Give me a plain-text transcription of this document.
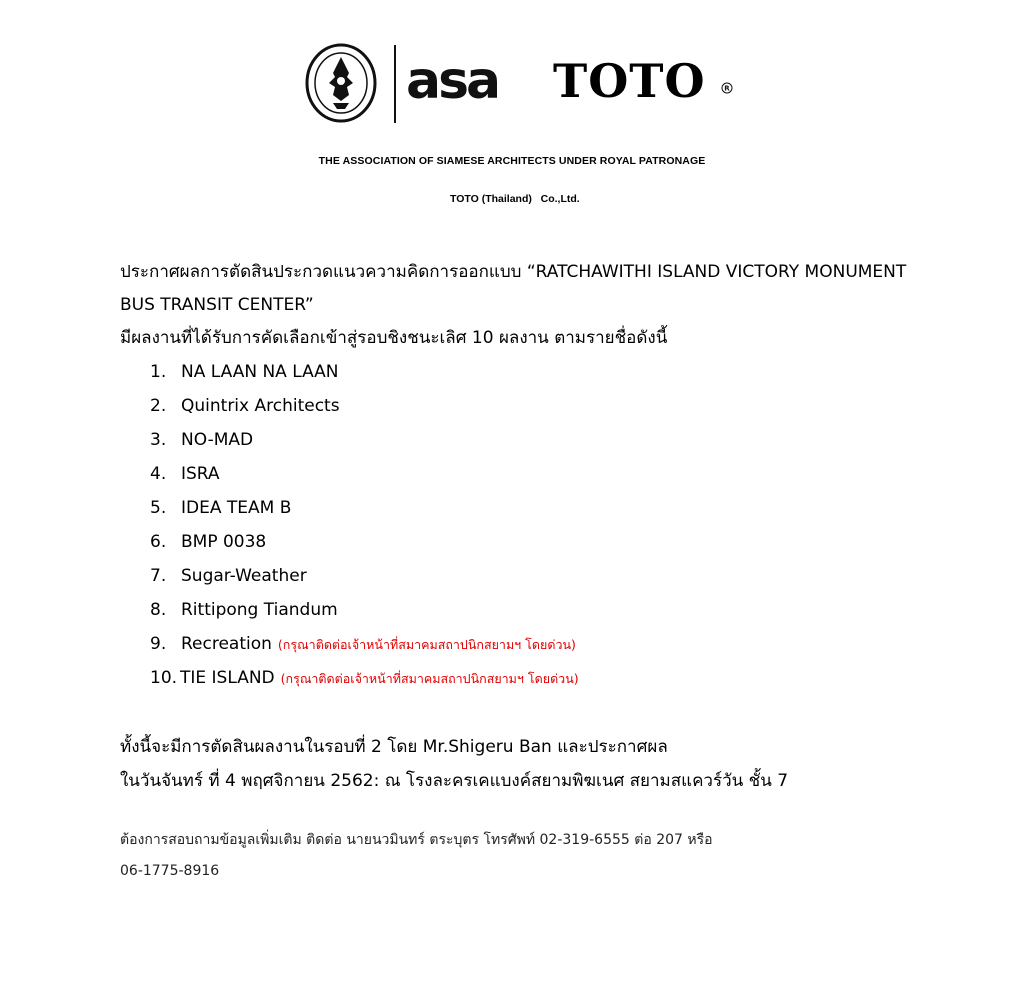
asa TOTO	R
THE ASSOCIATION OF SIAMESE ARCHITECTS UNDER ROYAL PATRONAGE
TOTO (Thailand)   Co.,Ltd.
ประกาศผลการตัดสินประกวดแนวความคิดการออกแบบ “RATCHAWITHI ISLAND VICTORY MONUMENT BUS TRANSIT CENTER”
มีผลงานที่ได้รับการคัดเลือกเข้าสู่รอบชิงชนะเลิศ 10 ผลงาน ตามรายชื่อดังนี้
1. NA LAAN NA LAAN
2. Quintrix Architects
3. NO-MAD
4. ISRA
5. IDEA TEAM B
6. BMP 0038
7. Sugar-Weather
8. Rittipong Tiandum
9. Recreation (กรุณาติดต่อเจ้าหน้าที่สมาคมสถาปนิกสยามฯ โดยด่วน)
10. TIE ISLAND (กรุณาติดต่อเจ้าหน้าที่สมาคมสถาปนิกสยามฯ โดยด่วน)
ทั้งนี้จะมีการตัดสินผลงานในรอบที่ 2 โดย Mr.Shigeru Ban และประกาศผล
ในวันจันทร์ ที่ 4 พฤศจิกายน 2562: ณ โรงละครเคแบงค์สยามพิฆเนศ สยามสแควร์วัน ชั้น 7
ต้องการสอบถามข้อมูลเพิ่มเติม ติดต่อ นายนวมินทร์ ตระบุตร โทรศัพท์ 02-319-6555 ต่อ 207 หรือ
06-1775-8916
